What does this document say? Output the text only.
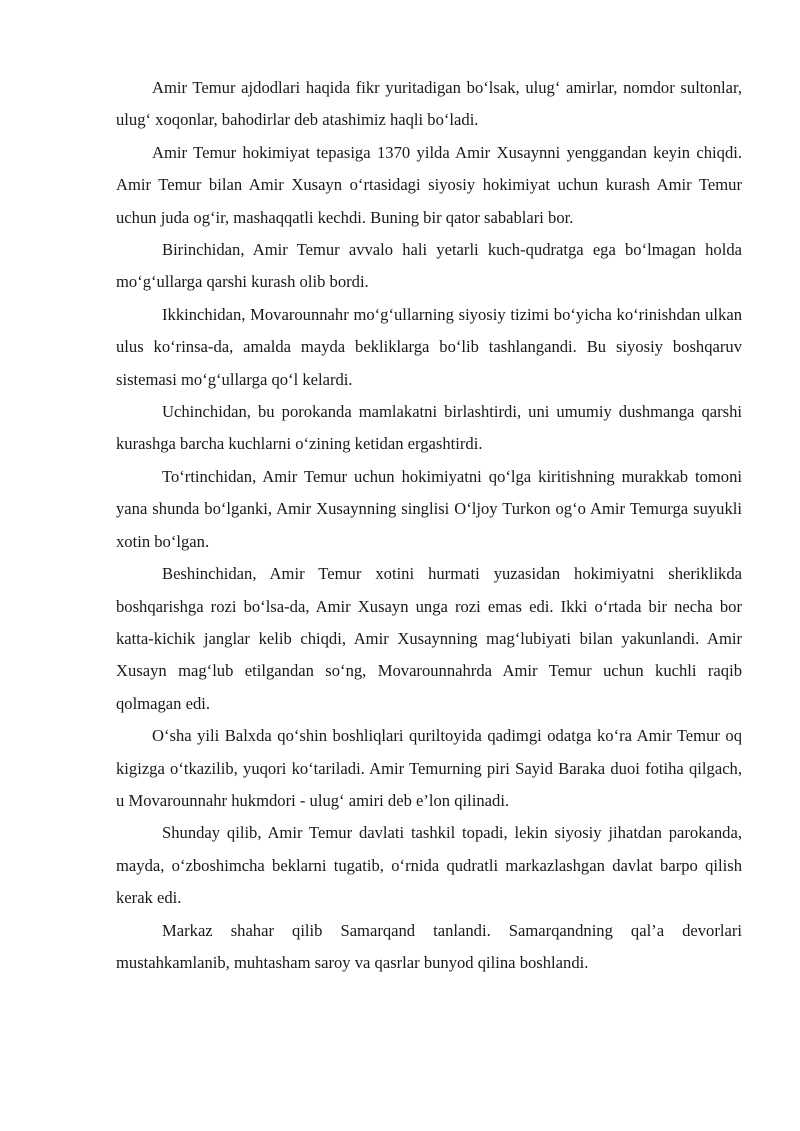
Amir Temur ajdodlari haqida fikr yuritadigan bo‘lsak, ulug‘ amirlar, nomdor sultonlar, ulug‘ xoqonlar, bahodirlar deb atashimiz haqli bo‘ladi.

Amir Temur hokimiyat tepasiga 1370 yilda Amir Xusaynni yenggandan keyin chiqdi. Amir Temur bilan Amir Xusayn o‘rtasidagi siyosiy hokimiyat uchun kurash Amir Temur uchun juda og‘ir, mashaqqatli kechdi. Buning bir qator sabablari bor.

Birinchidan, Amir Temur avvalo hali yetarli kuch-qudratga ega bo‘lmagan holda mo‘g‘ullarga qarshi kurash olib bordi.

Ikkinchidan, Movarounnahr mo‘g‘ullarning siyosiy tizimi bo‘yicha ko‘rinishdan ulkan ulus ko‘rinsa-da, amalda mayda bekliklarga bo‘lib tashlangandi. Bu siyosiy boshqaruv sistemasi mo‘g‘ullarga qo‘l kelardi.

Uchinchidan, bu porokanda mamlakatni birlashtirdi, uni umumiy dushmanga qarshi kurashga barcha kuchlarni o‘zining ketidan ergashtirdi.

To‘rtinchidan, Amir Temur uchun hokimiyatni qo‘lga kiritishning murakkab tomoni yana shunda bo‘lganki, Amir Xusaynning singlisi O‘ljoy Turkon og‘o Amir Temurga suyukli xotin bo‘lgan.

Beshinchidan, Amir Temur xotini hurmati yuzasidan hokimiyatni sheriklikda boshqarishga rozi bo‘lsa-da, Amir Xusayn unga rozi emas edi. Ikki o‘rtada bir necha bor katta-kichik janglar kelib chiqdi, Amir Xusaynning mag‘lubiyati bilan yakunlandi. Amir Xusayn mag‘lub etilgandan so‘ng, Movarounnahrda Amir Temur uchun kuchli raqib qolmagan edi.

O‘sha yili Balxda qo‘shin boshliqlari quriltoyida qadimgi odatga ko‘ra Amir Temur oq kigizga o‘tkazilib, yuqori ko‘tariladi. Amir Temurning piri Sayid Baraka duoi fotiha qilgach, u Movarounnahr hukmdori - ulug‘ amiri deb e’lon qilinadi.

Shunday qilib, Amir Temur davlati tashkil topadi, lekin siyosiy jihatdan parokanda, mayda, o‘zboshimcha beklarni tugatib, o‘rnida qudratli markazlashgan davlat barpo qilish kerak edi.

Markaz shahar qilib Samarqand tanlandi. Samarqandning qal’a devorlari mustahkamlanib, muhtasham saroy va qasrlar bunyod qilina boshlandi.
